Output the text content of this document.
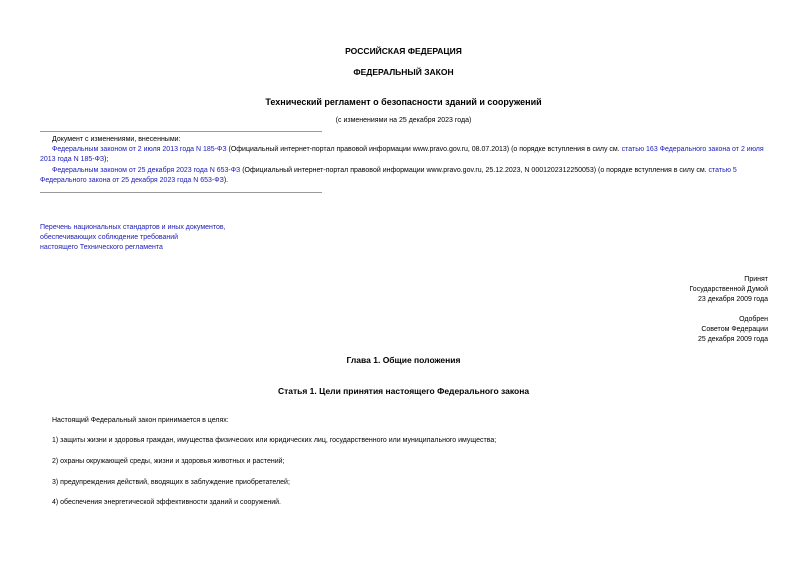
РОССИЙСКАЯ ФЕДЕРАЦИЯ
ФЕДЕРАЛЬНЫЙ ЗАКОН
Технический регламент о безопасности зданий и сооружений
(с изменениями на 25 декабря 2023 года)
Документ с изменениями, внесенными:
Федеральным законом от 2 июля 2013 года N 185-ФЗ (Официальный интернет-портал правовой информации www.pravo.gov.ru, 08.07.2013) (о порядке вступления в силу см. статью 163 Федерального закона от 2 июля 2013 года N 185-ФЗ);
Федеральным законом от 25 декабря 2023 года N 653-ФЗ (Официальный интернет-портал правовой информации www.pravo.gov.ru, 25.12.2023, N 0001202312250053) (о порядке вступления в силу см. статью 5 Федерального закона от 25 декабря 2023 года N 653-ФЗ).
Перечень национальных стандартов и иных документов,
обеспечивающих соблюдение требований
настоящего Технического регламента
Принят
Государственной Думой
23 декабря 2009 года
Одобрен
Советом Федерации
25 декабря 2009 года
Глава 1. Общие положения
Статья 1. Цели принятия настоящего Федерального закона
Настоящий Федеральный закон принимается в целях:
1) защиты жизни и здоровья граждан, имущества физических или юридических лиц, государственного или муниципального имущества;
2) охраны окружающей среды, жизни и здоровья животных и растений;
3) предупреждения действий, вводящих в заблуждение приобретателей;
4) обеспечения энергетической эффективности зданий и сооружений.
